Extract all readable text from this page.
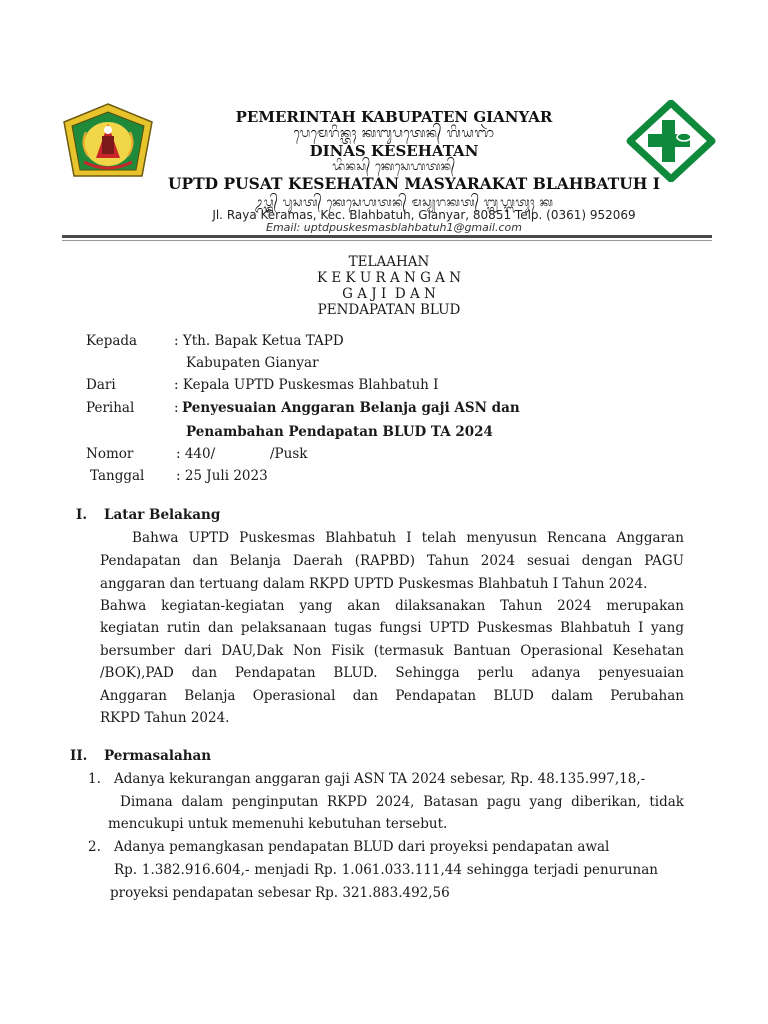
PEMERINTAH KABUPATEN GIANYAR
ᬧᬾᬫᬾᬭᬶᬦ᭄ᬢᬄ ᬓᬩᬸᬧᬢᬾᬦ᭄ ᬕᬶᬬᬜᬃ
DINAS KESEHATAN
ᬤᬶᬦᬲ᭄ ᬓᬾᬲᬾᬳᬢᬦ᭄
UPTD PUSAT KESEHATAN MASYARAKAT BLAHBATUH I
ᬉᬧ᭄ᬢ᭄ᬤ᭄ ᬧᬸᬲᬢ᭄ ᬓᬾᬲᬾᬳᬢᬦ᭄ ᬫᬲ᭄ᬬᬭᬓᬢ᭄ ᬩ᭄ᬮᬳ᭄ᬩᬢᬸᬄ ᬓ
Jl. Raya Keramas, Kec. Blahbatuh, Gianyar, 80851 Telp. (0361) 952069
Email: uptdpuskesmasblahbatuh1@gmail.com
TELAAHAN
K E K U R A N G A N
G A J I  D A N
PENDAPATAN BLUD
Kepada	: Yth. Bapak Ketua TAPD
Kabupaten Gianyar
Dari	: Kepala UPTD Puskesmas Blahbatuh I
Perihal	: Penyesuaian Anggaran Belanja gaji ASN dan
Penambahan Pendapatan BLUD TA 2024
Nomor	: 440/	/Pusk
Tanggal : 25 Juli 2023
I. Latar Belakang
Bahwa UPTD Puskesmas Blahbatuh I telah menyusun Rencana Anggaran
Pendapatan dan Belanja Daerah (RAPBD) Tahun 2024 sesuai dengan PAGU
anggaran dan tertuang dalam RKPD UPTD Puskesmas Blahbatuh I Tahun 2024.
Bahwa kegiatan-kegiatan yang akan dilaksanakan Tahun 2024 merupakan
kegiatan rutin dan pelaksanaan tugas fungsi UPTD Puskesmas Blahbatuh I yang
bersumber dari DAU,Dak Non Fisik (termasuk Bantuan Operasional Kesehatan
/BOK),PAD dan Pendapatan BLUD. Sehingga perlu adanya penyesuaian
Anggaran Belanja Operasional dan Pendapatan BLUD dalam Perubahan
RKPD Tahun 2024.
II. Permasalahan
1. Adanya kekurangan anggaran gaji ASN TA 2024 sebesar, Rp. 48.135.997,18,-
Dimana dalam penginputan RKPD 2024, Batasan pagu yang diberikan, tidak
mencukupi untuk memenuhi kebutuhan tersebut.
2. Adanya pemangkasan pendapatan BLUD dari proyeksi pendapatan awal
Rp. 1.382.916.604,- menjadi Rp. 1.061.033.111,44 sehingga terjadi penurunan
proyeksi pendapatan sebesar Rp. 321.883.492,56
